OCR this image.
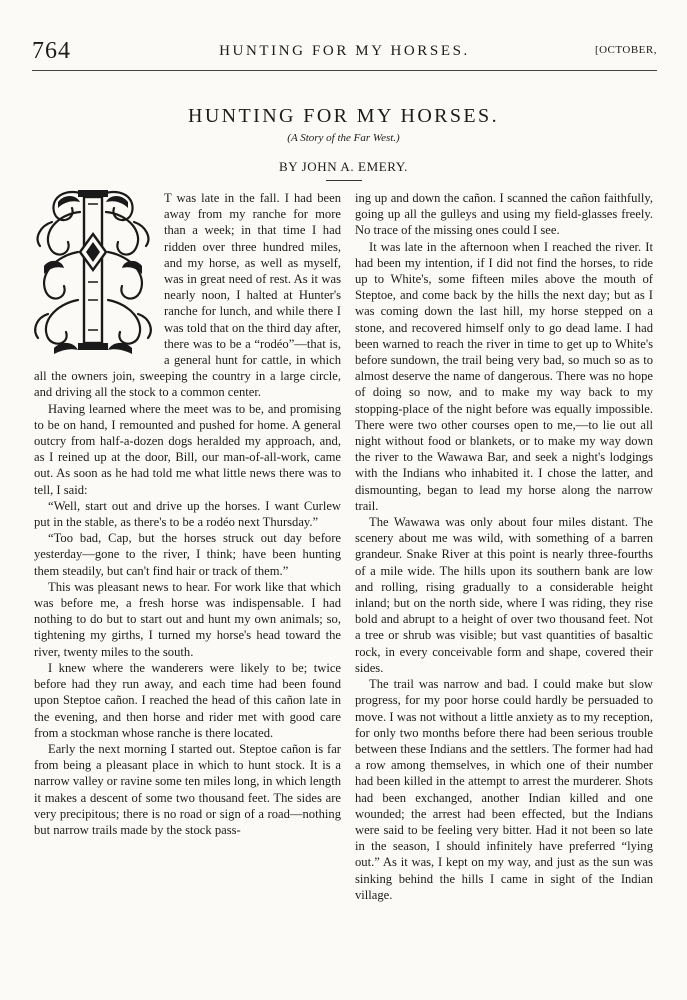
764	HUNTING FOR MY HORSES.	[OCTOBER,
HUNTING FOR MY HORSES.
(A Story of the Far West.)
BY JOHN A. EMERY.

T was late in the fall. I had been away from my ranche for more than a week; in that time I had ridden over three hundred miles, and my horse, as well as myself, was in great need of rest. As it was nearly noon, I halted at Hunter's ranche for lunch, and while there I was told that on the third day after, there was to be a “rodéo”—that is, a general hunt for cattle, in which all the owners join, sweeping the country in a large circle, and driving all the stock to a common center.

Having learned where the meet was to be, and promising to be on hand, I remounted and pushed for home. A general outcry from half-a-dozen dogs heralded my approach, and, as I reined up at the door, Bill, our man-of-all-work, came out. As soon as he had told me what little news there was to tell, I said:

“Well, start out and drive up the horses. I want Curlew put in the stable, as there's to be a rodéo next Thursday.”

“Too bad, Cap, but the horses struck out day before yesterday—gone to the river, I think; have been hunting them steadily, but can't find hair or track of them.”

This was pleasant news to hear. For work like that which was before me, a fresh horse was indispensable. I had nothing to do but to start out and hunt my own animals; so, tightening my girths, I turned my horse's head toward the river, twenty miles to the south.

I knew where the wanderers were likely to be; twice before had they run away, and each time had been found upon Steptoe cañon. I reached the head of this cañon late in the evening, and then horse and rider met with good care from a stockman whose ranche is there located.

Early the next morning I started out. Steptoe cañon is far from being a pleasant place in which to hunt stock. It is a narrow valley or ravine some ten miles long, in which length it makes a descent of some two thousand feet. The sides are very precipitous; there is no road or sign of a road—nothing but narrow trails made by the stock pass-

ing up and down the cañon. I scanned the cañon faithfully, going up all the gulleys and using my field-glasses freely. No trace of the missing ones could I see.

It was late in the afternoon when I reached the river. It had been my intention, if I did not find the horses, to ride up to White's, some fifteen miles above the mouth of Steptoe, and come back by the hills the next day; but as I was coming down the last hill, my horse stepped on a stone, and recovered himself only to go dead lame. I had been warned to reach the river in time to get up to White's before sundown, the trail being very bad, so much so as to almost deserve the name of dangerous. There was no hope of doing so now, and to make my way back to my stopping-place of the night before was equally impossible. There were two other courses open to me,—to lie out all night without food or blankets, or to make my way down the river to the Wawawa Bar, and seek a night's lodgings with the Indians who inhabited it. I chose the latter, and dismounting, began to lead my horse along the narrow trail.

The Wawawa was only about four miles distant. The scenery about me was wild, with something of a barren grandeur. Snake River at this point is nearly three-fourths of a mile wide. The hills upon its southern bank are low and rolling, rising gradually to a considerable height inland; but on the north side, where I was riding, they rise bold and abrupt to a height of over two thousand feet. Not a tree or shrub was visible; but vast quantities of basaltic rock, in every conceivable form and shape, covered their sides.

The trail was narrow and bad. I could make but slow progress, for my poor horse could hardly be persuaded to move. I was not without a little anxiety as to my reception, for only two months before there had been serious trouble between these Indians and the settlers. The former had had a row among themselves, in which one of their number had been killed in the attempt to arrest the murderer. Shots had been exchanged, another Indian killed and one wounded; the arrest had been effected, but the Indians were said to be feeling very bitter. Had it not been so late in the season, I should infinitely have preferred “lying out.” As it was, I kept on my way, and just as the sun was sinking behind the hills I came in sight of the Indian village.
